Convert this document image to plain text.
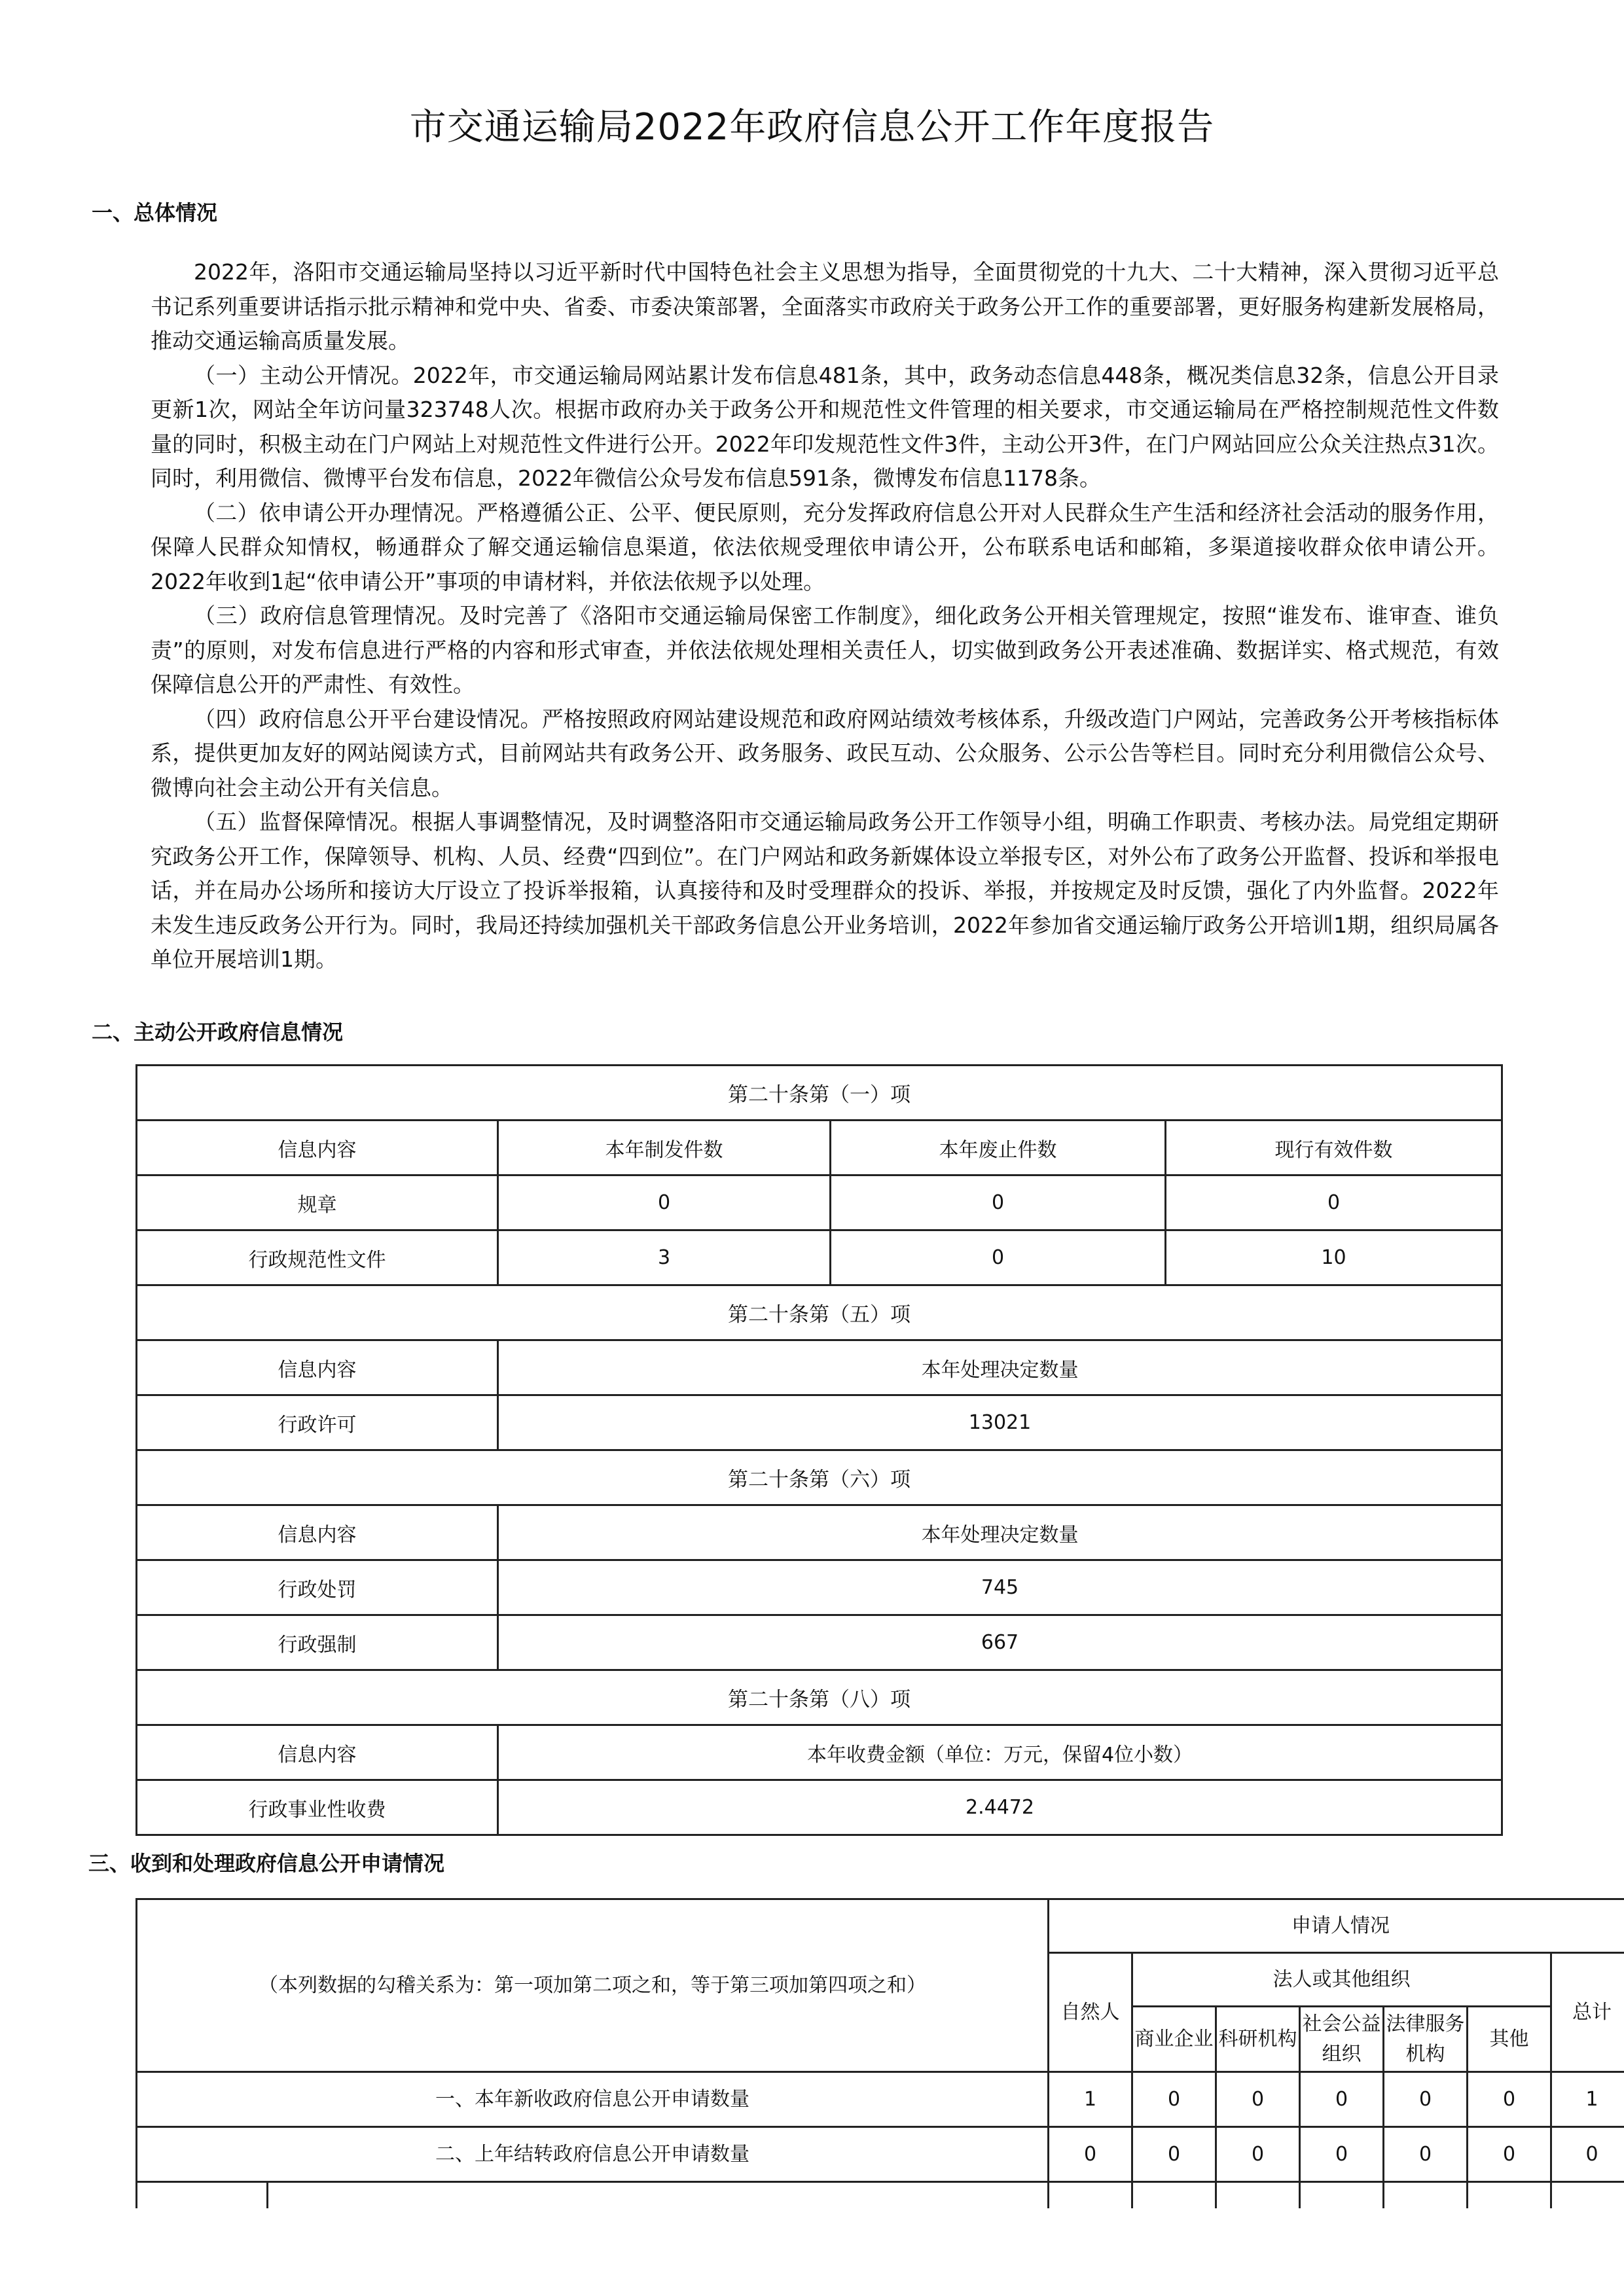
市交通运输局2022年政府信息公开工作年度报告
一、总体情况

2022年，洛阳市交通运输局坚持以习近平新时代中国特色社会主义思想为指导，全面贯彻党的十九大、二十大精神，深入贯彻习近平总书记系列重要讲话指示批示精神和党中央、省委、市委决策部署，全面落实市政府关于政务公开工作的重要部署，更好服务构建新发展格局，推动交通运输高质量发展。

（一）主动公开情况。2022年，市交通运输局网站累计发布信息481条，其中，政务动态信息448条，概况类信息32条，信息公开目录更新1次，网站全年访问量323748人次。根据市政府办关于政务公开和规范性文件管理的相关要求，市交通运输局在严格控制规范性文件数量的同时，积极主动在门户网站上对规范性文件进行公开。2022年印发规范性文件3件，主动公开3件，在门户网站回应公众关注热点31次。同时，利用微信、微博平台发布信息，2022年微信公众号发布信息591条，微博发布信息1178条。

（二）依申请公开办理情况。严格遵循公正、公平、便民原则，充分发挥政府信息公开对人民群众生产生活和经济社会活动的服务作用，保障人民群众知情权，畅通群众了解交通运输信息渠道，依法依规受理依申请公开，公布联系电话和邮箱，多渠道接收群众依申请公开。2022年收到1起“依申请公开”事项的申请材料，并依法依规予以处理。

（三）政府信息管理情况。及时完善了《洛阳市交通运输局保密工作制度》，细化政务公开相关管理规定，按照“谁发布、谁审查、谁负责”的原则，对发布信息进行严格的内容和形式审查，并依法依规处理相关责任人，切实做到政务公开表述准确、数据详实、格式规范，有效保障信息公开的严肃性、有效性。

（四）政府信息公开平台建设情况。严格按照政府网站建设规范和政府网站绩效考核体系，升级改造门户网站，完善政务公开考核指标体系，提供更加友好的网站阅读方式，目前网站共有政务公开、政务服务、政民互动、公众服务、公示公告等栏目。同时充分利用微信公众号、微博向社会主动公开有关信息。

（五）监督保障情况。根据人事调整情况，及时调整洛阳市交通运输局政务公开工作领导小组，明确工作职责、考核办法。局党组定期研究政务公开工作，保障领导、机构、人员、经费“四到位”。在门户网站和政务新媒体设立举报专区，对外公布了政务公开监督、投诉和举报电话，并在局办公场所和接访大厅设立了投诉举报箱，认真接待和及时受理群众的投诉、举报，并按规定及时反馈，强化了内外监督。2022年未发生违反政务公开行为。同时，我局还持续加强机关干部政务信息公开业务培训，2022年参加省交通运输厅政务公开培训1期，组织局属各单位开展培训1期。

二、主动公开政府信息情况
第二十条第（一）项			
信息内容	本年制发件数	本年废止件数	现行有效件数
规章	0	0	0
行政规范性文件	3	0	10
第二十条第（五）项			
信息内容	本年处理决定数量		
行政许可	13021		
第二十条第（六）项			
信息内容	本年处理决定数量		
行政处罚	745		
行政强制	667		
第二十条第（八）项			
信息内容	本年收费金额（单位：万元，保留4位小数）		
行政事业性收费	2.4472		
三、收到和处理政府信息公开申请情况
（本列数据的勾稽关系为：第一项加第二项之和，等于第三项加第四项之和）		申请人情况						
		自然人	法人或其他组织					总计
			商业企业	科研机构	社会公益组织	法律服务机构	其他	
一、本年新收政府信息公开申请数量		1	0	0	0	0	0	1
二、上年结转政府信息公开申请数量		0	0	0	0	0	0	0
